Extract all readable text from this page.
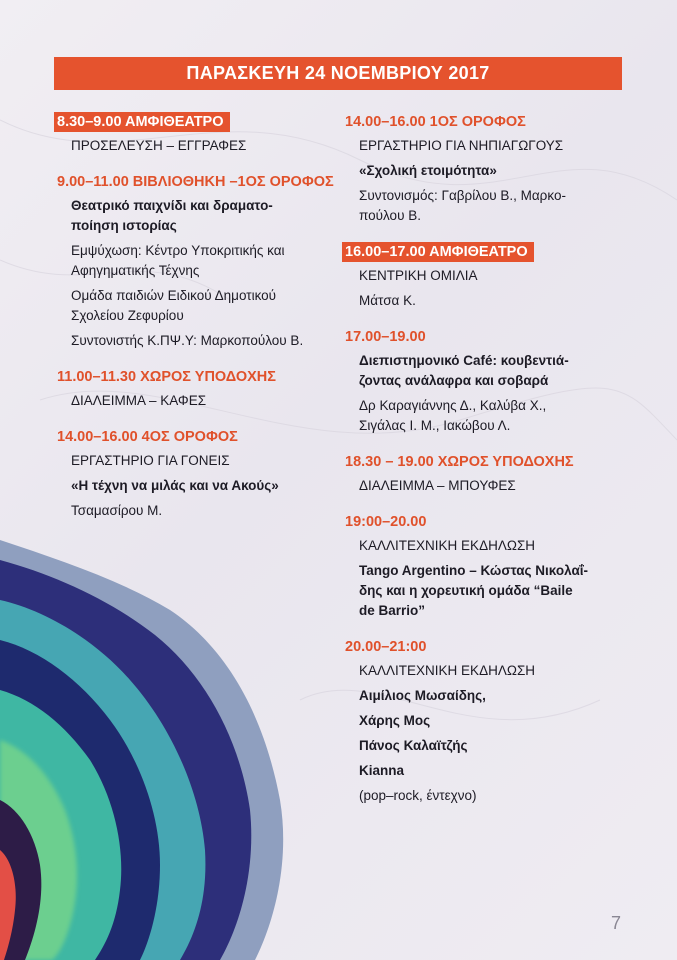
ΠΑΡΑΣΚΕΥΗ 24 ΝΟΕΜΒΡΙΟΥ 2017
8.30–9.00 ΑΜΦΙΘΕΑΤΡΟ
ΠΡΟΣΕΛΕΥΣΗ – ΕΓΓΡΑΦΕΣ
9.00–11.00 ΒΙΒΛΙΟΘΗΚΗ –1ΟΣ ΟΡΟΦΟΣ
Θεατρικό παιχνίδι και δραματο-
ποίηση ιστορίας
Εμψύχωση: Κέντρο Υποκριτικής και
Αφηγηματικής Τέχνης
Ομάδα παιδιών Ειδικού Δημοτικού
Σχολείου Ζεφυρίου
Συντονιστής Κ.ΠΨ.Υ: Μαρκοπούλου Β.
11.00–11.30 ΧΩΡΟΣ ΥΠΟΔΟΧΗΣ
ΔΙΑΛΕΙΜΜΑ – ΚΑΦΕΣ
14.00–16.00 4ΟΣ ΟΡΟΦΟΣ
ΕΡΓΑΣΤΗΡΙΟ ΓΙΑ ΓΟΝΕΙΣ
«Η τέχνη να μιλάς και να Ακούς»
Τσαμασίρου Μ.
14.00–16.00 1ΟΣ ΟΡΟΦΟΣ
ΕΡΓΑΣΤΗΡΙΟ ΓΙΑ ΝΗΠΙΑΓΩΓΟΥΣ
«Σχολική ετοιμότητα»
Συντονισμός: Γαβρίλου Β., Μαρκο-
πούλου Β.
16.00–17.00 ΑΜΦΙΘΕΑΤΡΟ
ΚΕΝΤΡΙΚΗ ΟΜΙΛΙΑ
Μάτσα Κ.
17.00–19.00
Διεπιστημονικό Café: κουβεντιά-
ζοντας ανάλαφρα και σοβαρά
Δρ Καραγιάννης Δ., Καλύβα Χ.,
Σιγάλας Ι. Μ., Ιακώβου Λ.
18.30 – 19.00 ΧΩΡΟΣ ΥΠΟΔΟΧΗΣ
ΔΙΑΛΕΙΜΜΑ – ΜΠΟΥΦΕΣ
19:00–20.00
ΚΑΛΛΙΤΕΧΝΙΚΗ ΕΚΔΗΛΩΣΗ
Tango Argentino – Κώστας Νικολαΐ-
δης και η χορευτική ομάδα “Baile
de Barrio”
20.00–21:00
ΚΑΛΛΙΤΕΧΝΙΚΗ ΕΚΔΗΛΩΣΗ
Αιμίλιος Μωσαίδης,
Χάρης Μος
Πάνος Καλαϊτζής
Kianna
(pop–rock, έντεχνο)
7
